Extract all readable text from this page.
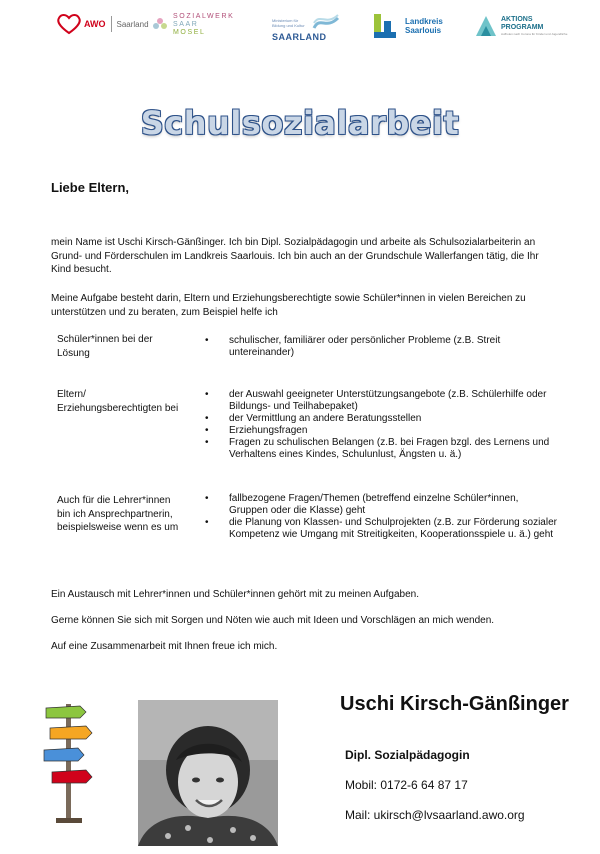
AWO Saarland
SOZIALWERK
SAAR
MOSEL
Ministerium für Bildung und Kultur
SAARLAND
Landkreis
Saarlouis
AKTIONS
PROGRAMM
Aufholen nach Corona für Kinder und Jugendliche
Schulsozialarbeit
Liebe Eltern,
mein Name ist Uschi Kirsch-Gänßinger. Ich bin Dipl. Sozialpädagogin und arbeite als Schulsozialarbeiterin an Grund- und Förderschulen im Landkreis Saarlouis. Ich bin auch an der Grundschule Wallerfangen tätig, die Ihr Kind besucht.
Meine Aufgabe besteht darin, Eltern und Erziehungsberechtigte sowie Schüler*innen in vielen Bereichen zu unterstützen und zu beraten, zum Beispiel helfe ich
Schüler*innen bei der Lösung
• schulischer, familiärer oder persönlicher Probleme (z.B. Streit untereinander)
Eltern/ Erziehungsberechtigten bei
• der Auswahl geeigneter Unterstützungsangebote (z.B. Schülerhilfe oder Bildungs- und Teilhabepaket)
• der Vermittlung an andere Beratungsstellen
• Erziehungsfragen
• Fragen zu schulischen Belangen (z.B. bei Fragen bzgl. des Lernens und Verhaltens eines Kindes, Schulunlust, Ängsten u. ä.)
Auch für die Lehrer*innen bin ich Ansprechpartnerin, beispielsweise wenn es um
• fallbezogene Fragen/Themen (betreffend einzelne Schüler*innen, Gruppen oder die Klasse) geht
• die Planung von Klassen- und Schulprojekten (z.B. zur Förderung sozialer Kompetenz wie Umgang mit Streitigkeiten, Kooperationsspiele u. ä.) geht
Ein Austausch mit Lehrer*innen und Schüler*innen gehört mit zu meinen Aufgaben.
Gerne können Sie sich mit Sorgen und Nöten wie auch mit Ideen und Vorschlägen an mich wenden.
Auf eine Zusammenarbeit mit Ihnen freue ich mich.
Uschi Kirsch-Gänßinger
Dipl. Sozialpädagogin
Mobil: 0172-6 64 87 17
Mail: ukirsch@lvsaarland.awo.org
